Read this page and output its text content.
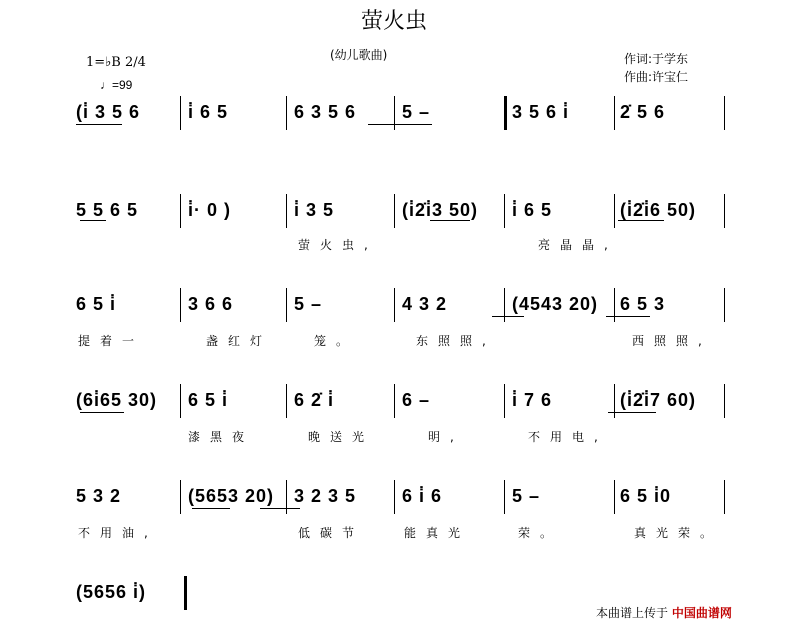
萤火虫
(幼儿歌曲)	作词:于学东
作曲:许宝仁
1=♭B 2/4
♩=99
(i̇ 3 5 6	i̇ 6 5	6 3 5 6	5 –	3 5 6 i̇	2̇ 5 6
5 5 6 5	i̇· 0 )	i̇ 3 5	(i̇2̇i̇3 50) i̇ 6 5	(i̇2̇i̇6 50)
萤火虫,	亮晶晶,
6 5 i̇	3 6 6	5 –	4 3 2	(4543 20) 6 5 3
提着一	盏红灯	笼。	东照照,	西照照,
(6i̇65 30) 6 5 i̇	6 2̇ i̇	6 –	i̇ 7 6	(i̇2̇i̇7 60)
漆黑夜	晚送光	明,	不用电,
5 3 2	(5653 20) 3 2 3 5	6 i̇ 6	5 –	6 5 i̇0
不用油,	低碳节	能真光	荣。	真光荣。
(5656 i̇)
本曲谱上传于 中国曲谱网
